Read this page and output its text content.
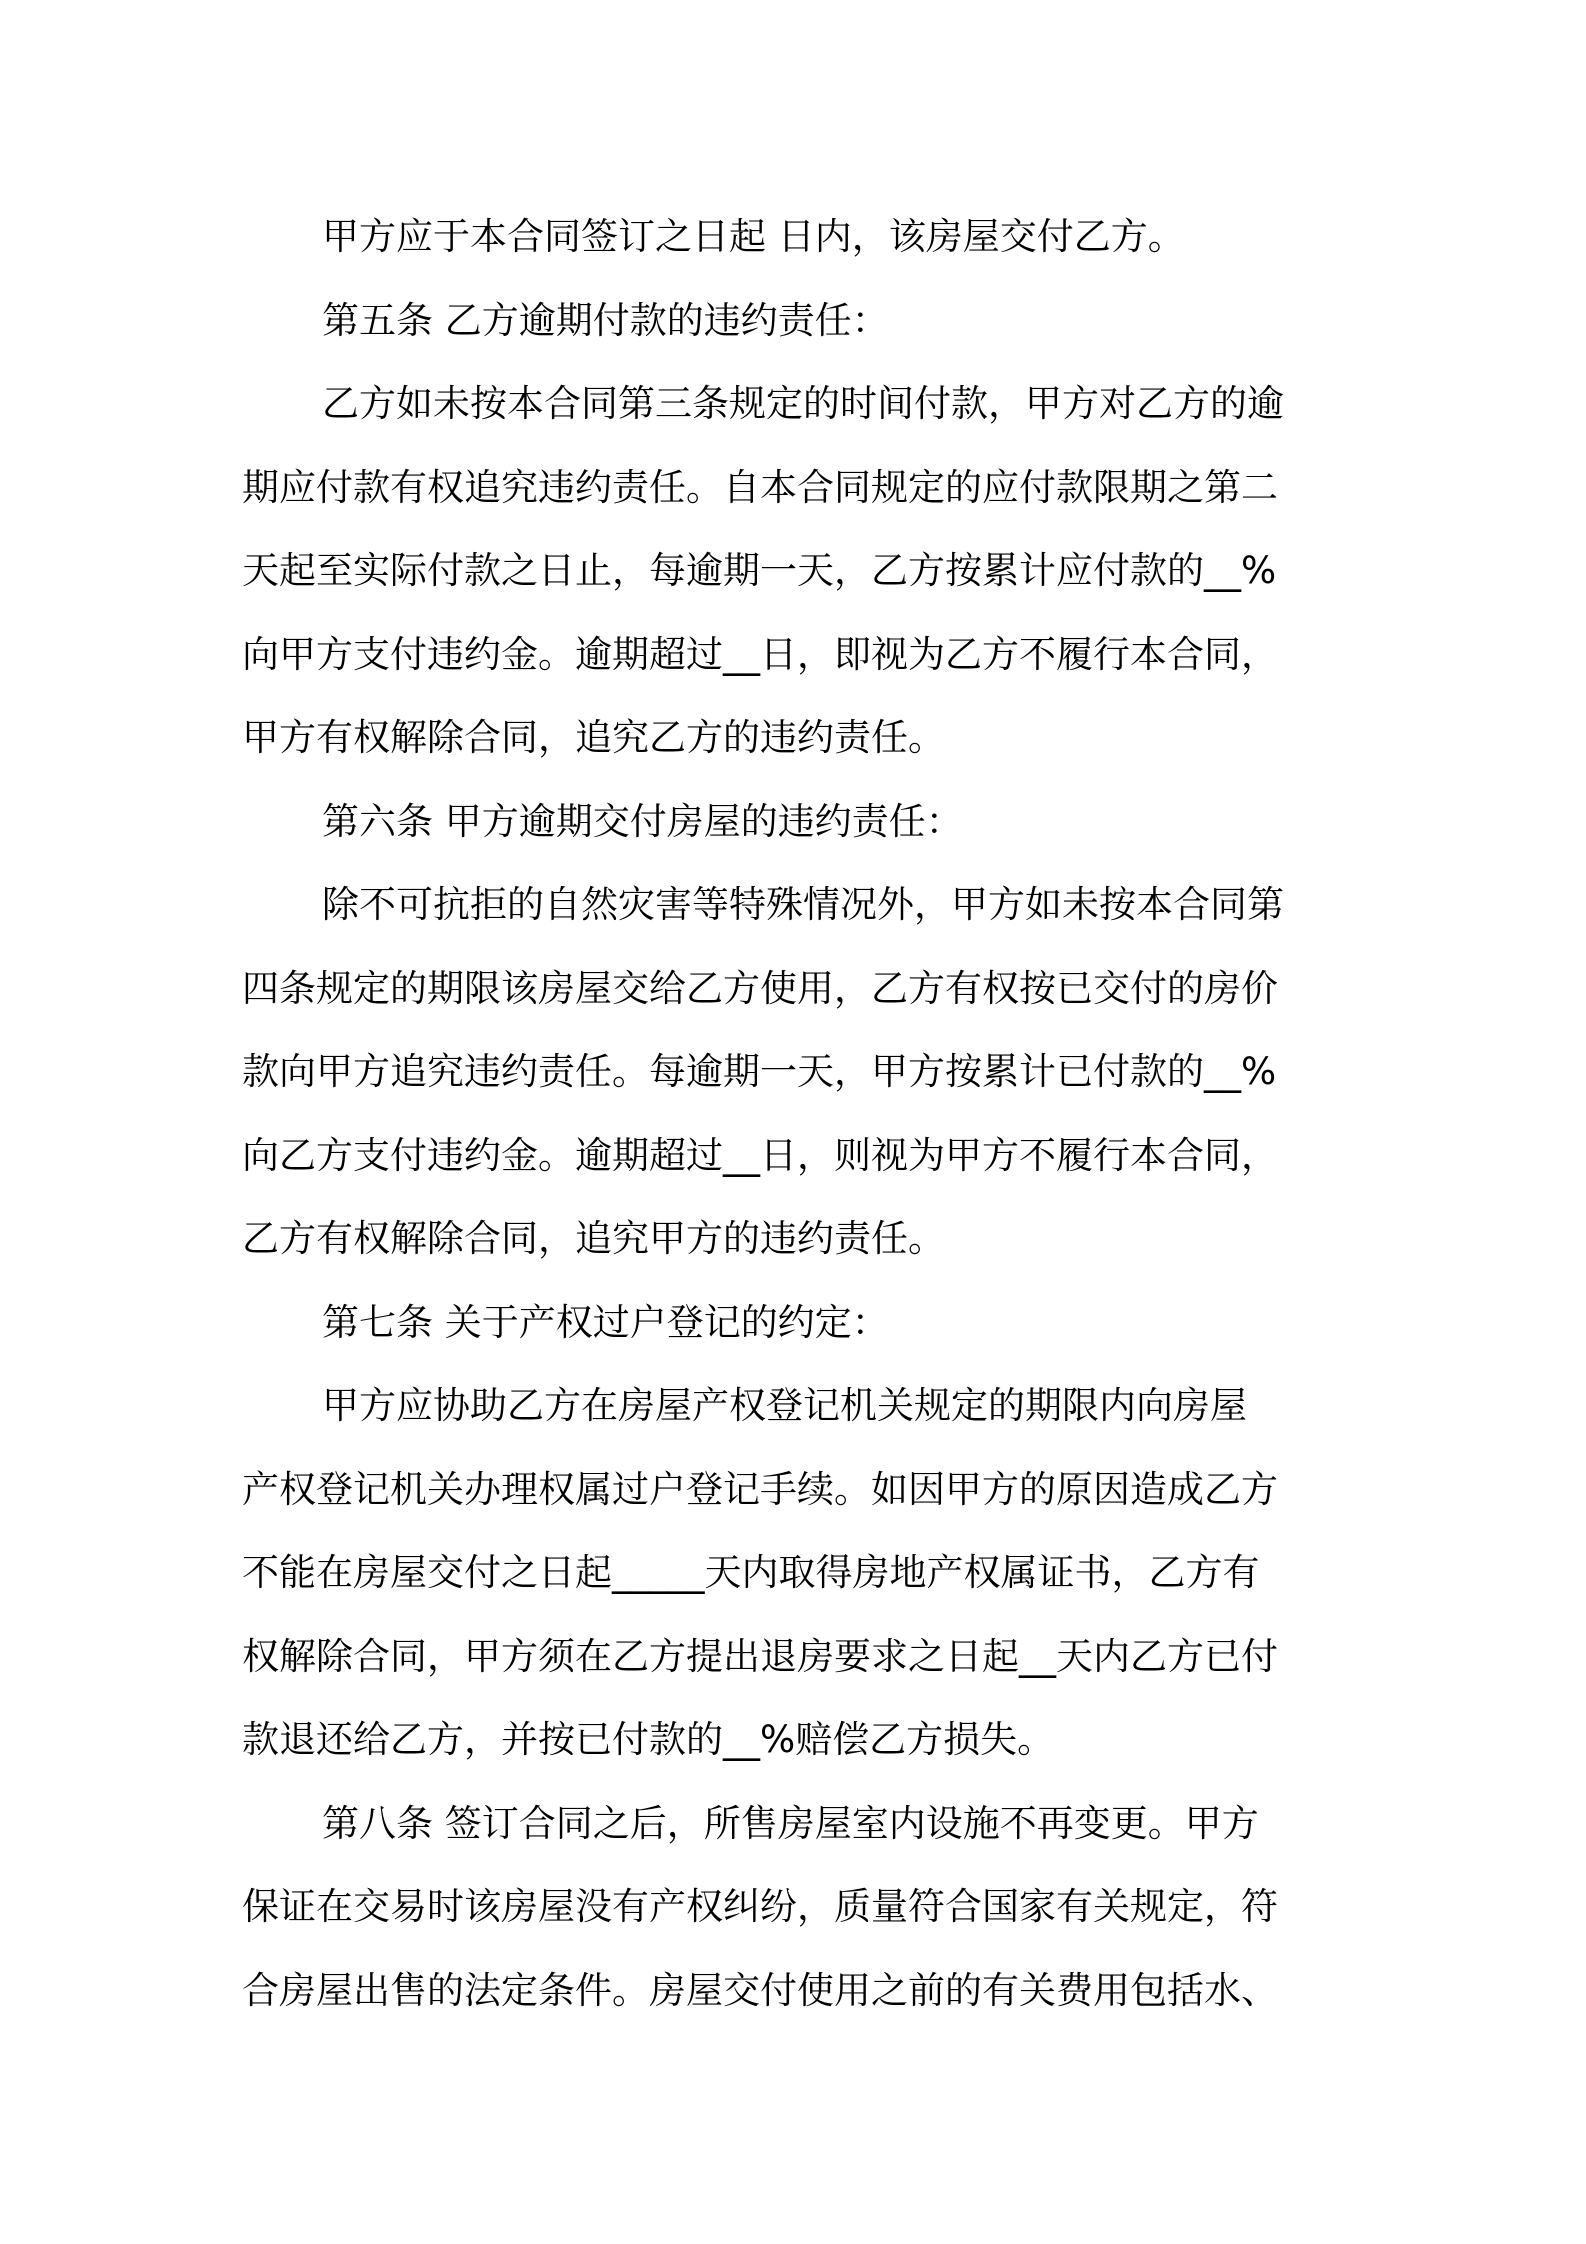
甲方应于本合同签订之日起 日内，该房屋交付乙方。
第五条 乙方逾期付款的违约责任：
乙方如未按本合同第三条规定的时间付款，甲方对乙方的逾
期应付款有权追究违约责任。自本合同规定的应付款限期之第二
天起至实际付款之日止，每逾期一天，乙方按累计应付款的__%
向甲方支付违约金。逾期超过__日，即视为乙方不履行本合同，
甲方有权解除合同，追究乙方的违约责任。
第六条 甲方逾期交付房屋的违约责任：
除不可抗拒的自然灾害等特殊情况外，甲方如未按本合同第
四条规定的期限该房屋交给乙方使用，乙方有权按已交付的房价
款向甲方追究违约责任。每逾期一天，甲方按累计已付款的__%
向乙方支付违约金。逾期超过__日，则视为甲方不履行本合同，
乙方有权解除合同，追究甲方的违约责任。
第七条 关于产权过户登记的约定：
甲方应协助乙方在房屋产权登记机关规定的期限内向房屋
产权登记机关办理权属过户登记手续。如因甲方的原因造成乙方
不能在房屋交付之日起_____天内取得房地产权属证书，乙方有
权解除合同，甲方须在乙方提出退房要求之日起__天内乙方已付
款退还给乙方，并按已付款的__%赔偿乙方损失。
第八条 签订合同之后，所售房屋室内设施不再变更。甲方
保证在交易时该房屋没有产权纠纷，质量符合国家有关规定，符
合房屋出售的法定条件。房屋交付使用之前的有关费用包括水、
